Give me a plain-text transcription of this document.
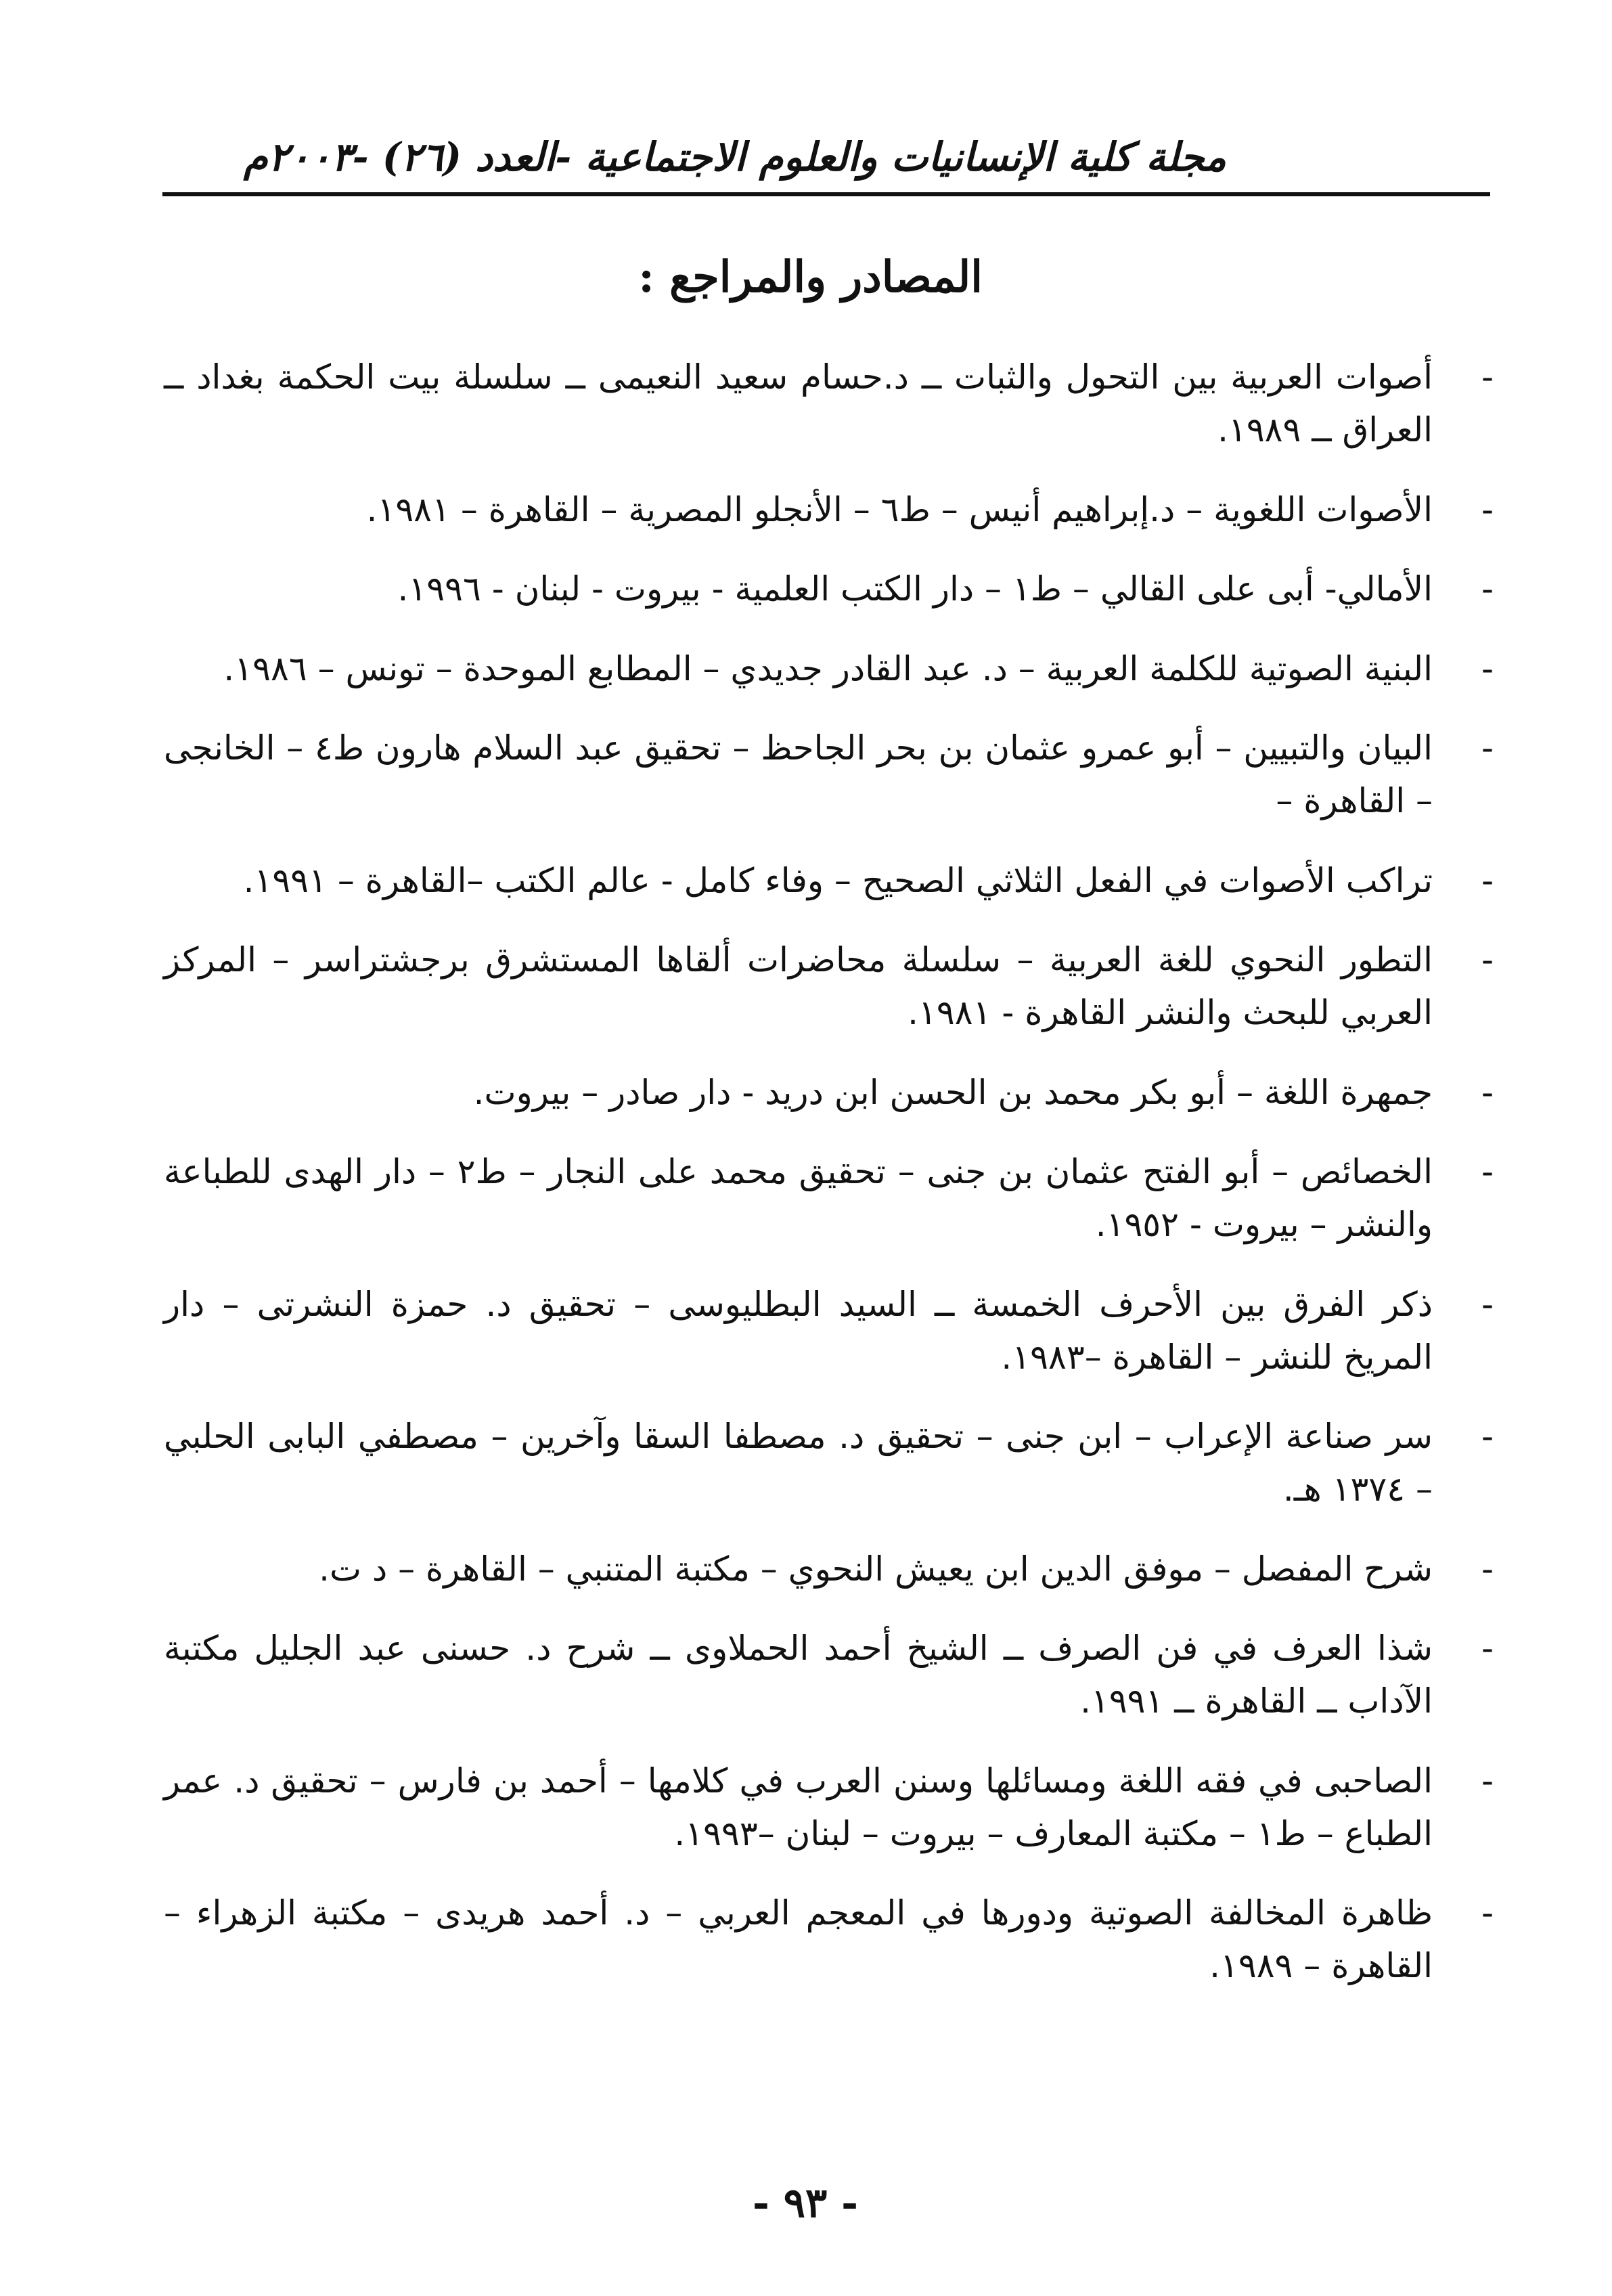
مجلة كلية الإنسانيات والعلوم الاجتماعية -العدد (٢٦) -٢٠٠٣م
المصادر والمراجع :
-
أصوات العربية بين التحول والثبات ــ د.حسام سعيد النعيمى ــ سلسلة بيت الحكمة بغداد ــ العراق ــ ١٩٨٩.
-
الأصوات اللغوية – د.إبراهيم أنيس – ط٦ – الأنجلو المصرية – القاهرة – ١٩٨١.
-
الأمالي- أبى على القالي – ط١ – دار الكتب العلمية - بيروت - لبنان - ١٩٩٦.
-
البنية الصوتية للكلمة العربية – د. عبد القادر جديدي – المطابع الموحدة – تونس – ١٩٨٦.
-
البيان والتبيين – أبو عمرو عثمان بن بحر الجاحظ – تحقيق عبد السلام هارون ط٤ – الخانجى – القاهرة –
-
تراكب الأصوات في الفعل الثلاثي الصحيح – وفاء كامل - عالم الكتب –القاهرة – ١٩٩١.
-
التطور النحوي للغة العربية – سلسلة محاضرات ألقاها المستشرق برجشتراسر – المركز العربي للبحث والنشر القاهرة - ١٩٨١.
-
جمهرة اللغة – أبو بكر محمد بن الحسن ابن دريد - دار صادر – بيروت.
-
الخصائص – أبو الفتح عثمان بن جنى – تحقيق محمد على النجار – ط٢ – دار الهدى للطباعة والنشر – بيروت - ١٩٥٢.
-
ذكر الفرق بين الأحرف الخمسة ــ السيد البطليوسى – تحقيق د. حمزة النشرتى – دار المريخ للنشر – القاهرة –١٩٨٣.
-
سر صناعة الإعراب – ابن جنى – تحقيق د. مصطفا السقا وآخرين – مصطفي البابى الحلبي – ١٣٧٤ هـ.
-
شرح المفصل – موفق الدين ابن يعيش النحوي – مكتبة المتنبي – القاهرة – د ت.
-
شذا العرف في فن الصرف ــ الشيخ أحمد الحملاوى ــ شرح د. حسنى عبد الجليل مكتبة الآداب ــ القاهرة ــ ١٩٩١.
-
الصاحبى في فقه اللغة ومسائلها وسنن العرب في كلامها – أحمد بن فارس – تحقيق د. عمر الطباع – ط١ – مكتبة المعارف – بيروت – لبنان –١٩٩٣.
-
ظاهرة المخالفة الصوتية ودورها في المعجم العربي – د. أحمد هريدى – مكتبة الزهراء – القاهرة – ١٩٨٩.
- ٩٣ -
